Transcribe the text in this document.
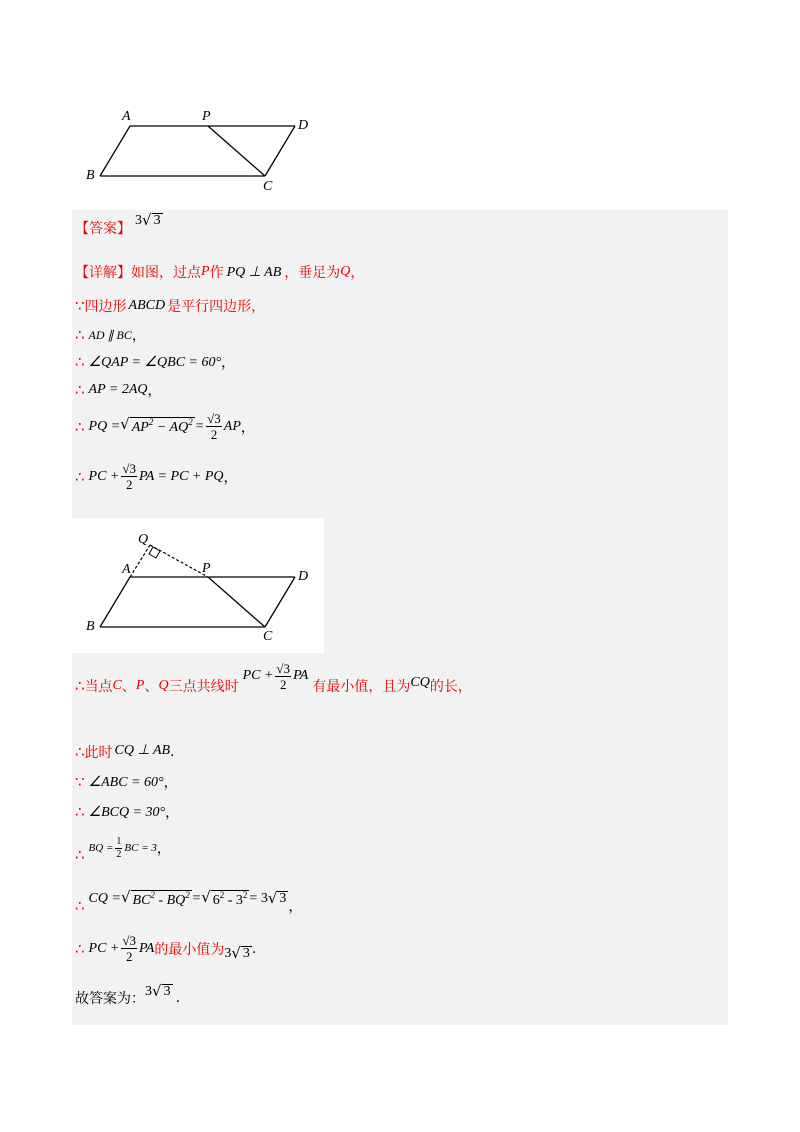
A	P
D
B
C
【答案】
3 √ 3
【详解】 如图，过点 P 作 PQ ⊥ AB ，垂足为 Q ，
∵ 四边形 ABCD 是平行四边形，
∴ AD ∥ BC ，
∴ ∠QAP = ∠QBC = 60° ，
∴ AP = 2AQ ，
∴ PQ = √ $AP^2 - AQ^2 = \frac{√3}{2}$ AP ，
∴ PC + $\frac{√3}{2}$ PA = PC + PQ ，
Q
A	P
D
B
C
∴ 当点 C 、 P 、 Q 三点共线时
PC + $\frac{√3}{2}$ PA
有最小值，且为 CQ 的长，
∴ 此时 CQ ⊥ AB .
∵ ∠ABC = 60° ，
∴ ∠BCQ = 30° ，
∴ BQ = $\frac{1}{2}$ BC = 3 ，
∴ CQ = √ $BC^2 - BQ^2$ = √ $6^2 - 3^2 = 3$ √ 3
，
∴ PC + $\frac{√3}{2}$ PA 的最小值为 3 √ 3 .
故答案为： 3 √ 3 .
